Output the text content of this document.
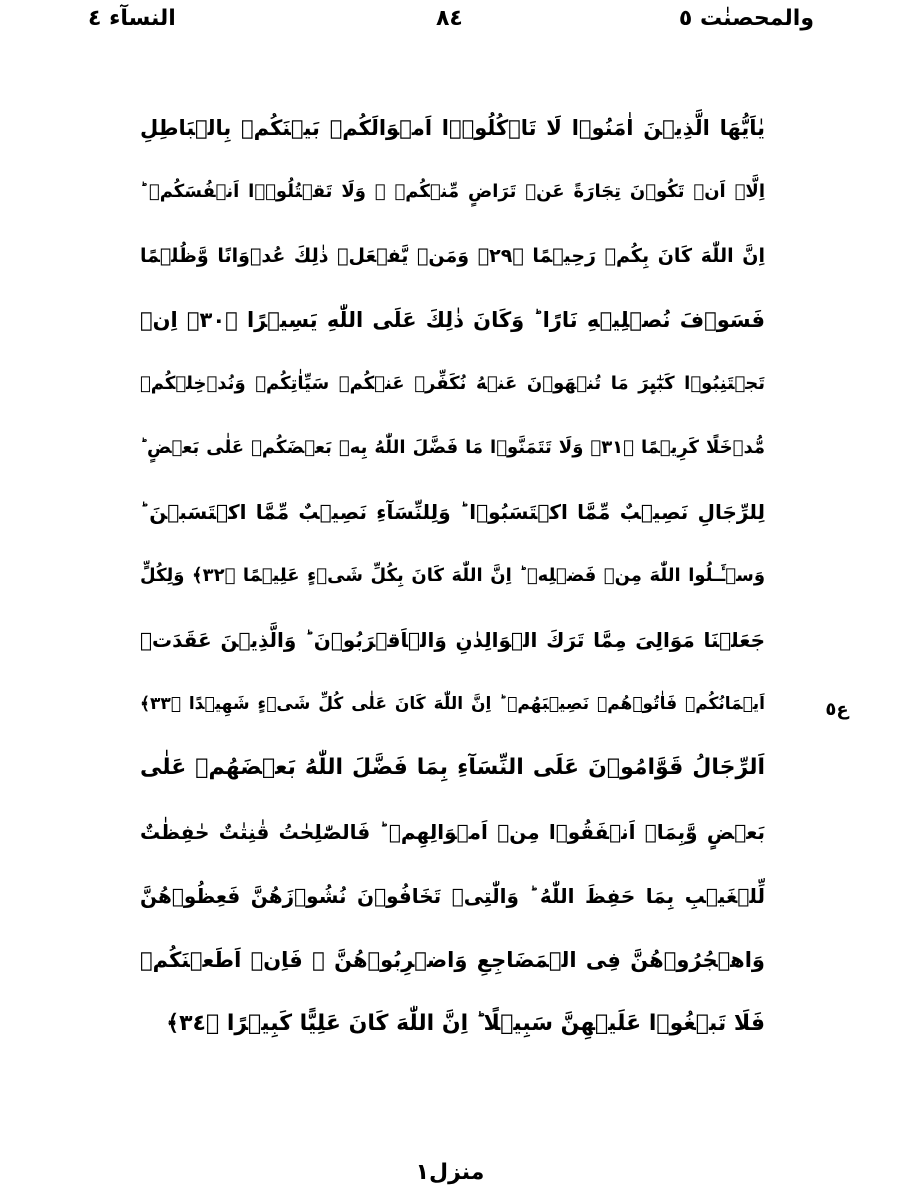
والمحصنٰت ٥
٨٤
النسآء ٤
يٰاَيُّهَا الَّذِيۡنَ اٰمَنُوۡا لَا تَاۡكُلُوۡۤا اَمۡوَالَكُمۡ بَيۡنَكُمۡ بِالۡبَاطِلِ
اِلَّاۤ اَنۡ تَكُوۡنَ تِجَارَةً عَنۡ تَرَاضٍ مِّنۡكُمۡ ۟ وَلَا تَقۡتُلُوۡۤا اَنۡفُسَكُمۡ ؕ
اِنَّ اللّٰهَ كَانَ بِكُمۡ رَحِيۡمًا ﴿٢٩﴾ وَمَنۡ يَّفۡعَلۡ ذٰلِكَ عُدۡوَانًا وَّظُلۡمًا
فَسَوۡفَ نُصۡلِيۡهِ نَارًا ؕ وَكَانَ ذٰلِكَ عَلَى اللّٰهِ يَسِيۡرًا ﴿٣٠﴾ اِنۡ
تَجۡتَنِبُوۡا كَبٰٓٮِٕرَ مَا تُنۡهَوۡنَ عَنۡهُ نُكَفِّرۡ عَنۡكُمۡ سَيِّاٰتِكُمۡ وَنُدۡخِلۡكُمۡ
مُّدۡخَلًا كَرِيۡمًا ﴿٣١﴾ وَلَا تَتَمَنَّوۡا مَا فَضَّلَ اللّٰهُ بِهٖ بَعۡضَكُمۡ عَلٰى بَعۡضٍ ؕ
لِلرِّجَالِ نَصِيۡبٌ مِّمَّا اكۡتَسَبُوۡا ؕ وَلِلنِّسَآءِ نَصِيۡبٌ مِّمَّا اكۡتَسَبۡنَ ؕ
وَسۡـَٔـلُوا اللّٰهَ مِنۡ فَضۡلِهٖ ؕ اِنَّ اللّٰهَ كَانَ بِكُلِّ شَىۡءٍ عَلِيۡمًا ﴿٣٢﴾ وَلِكُلٍّ
جَعَلۡنَا مَوَالِىَ مِمَّا تَرَكَ الۡوَالِدٰنِ وَالۡاَقۡرَبُوۡنَ ؕ وَالَّذِيۡنَ عَقَدَتۡ
اَيۡمَانُكُمۡ فَاٰتُوۡهُمۡ نَصِيۡبَهُمۡ ؕ اِنَّ اللّٰهَ كَانَ عَلٰى كُلِّ شَىۡءٍ شَهِيۡدًا ﴿٣٣﴾
اَلرِّجَالُ قَوَّامُوۡنَ عَلَى النِّسَآءِ بِمَا فَضَّلَ اللّٰهُ بَعۡضَهُمۡ عَلٰى
بَعۡضٍ وَّبِمَاۤ اَنۡفَقُوۡا مِنۡ اَمۡوَالِهِمۡ ؕ فَالصّٰلِحٰتُ قٰنِتٰتٌ حٰفِظٰتٌ
لِّلۡغَيۡبِ بِمَا حَفِظَ اللّٰهُ ؕ وَالّٰتِىۡ تَخَافُوۡنَ نُشُوۡزَهُنَّ فَعِظُوۡهُنَّ
وَاهۡجُرُوۡهُنَّ فِى الۡمَضَاجِعِ وَاضۡرِبُوۡهُنَّ ۚ فَاِنۡ اَطَعۡنَكُمۡ
فَلَا تَبۡغُوۡا عَلَيۡهِنَّ سَبِيۡلًا ؕ اِنَّ اللّٰهَ كَانَ عَلِيًّا كَبِيۡرًا ﴿٣٤﴾
ع٥
منزل١
